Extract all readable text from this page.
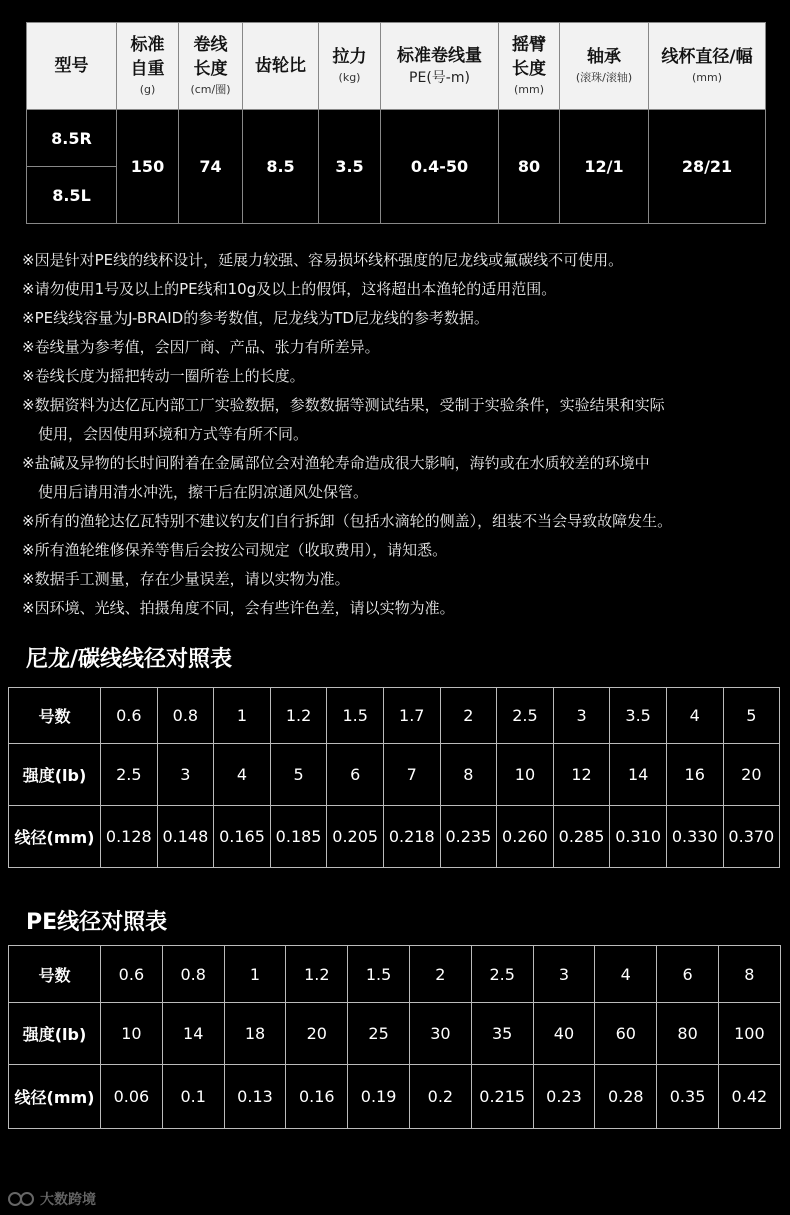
型号	标准
自重
(g)	卷线
长度
(cm/圈)	齿轮比	拉力
(kg)	标准卷线量
PE(号-m)	摇臂
长度
(mm)	轴承
(滚珠/滚轴)	线杯直径/幅
(mm)

8.5R	150	74	8.5	3.5	0.4-50	80	12/1	28/21
8.5L								
※因是针对PE线的线杯设计，延展力较强、容易损坏线杯强度的尼龙线或氟碳线不可使用。
※请勿使用1号及以上的PE线和10g及以上的假饵，这将超出本渔轮的适用范围。
※PE线线容量为J-BRAID的参考数值，尼龙线为TD尼龙线的参考数据。
※卷线量为参考值，会因厂商、产品、张力有所差异。
※卷线长度为摇把转动一圈所卷上的长度。
※数据资料为达亿瓦内部工厂实验数据，参数数据等测试结果，受制于实验条件，实验结果和实际
使用，会因使用环境和方式等有所不同。
※盐碱及异物的长时间附着在金属部位会对渔轮寿命造成很大影响，海钓或在水质较差的环境中
使用后请用清水冲洗，擦干后在阴凉通风处保管。
※所有的渔轮达亿瓦特别不建议钓友们自行拆卸（包括水滴轮的侧盖），组装不当会导致故障发生。
※所有渔轮维修保养等售后会按公司规定（收取费用），请知悉。
※数据手工测量，存在少量误差，请以实物为准。
※因环境、光线、拍摄角度不同，会有些许色差，请以实物为准。
尼龙/碳线线径对照表
号数	0.6	0.8	1	1.2	1.5	1.7	2	2.5	3	3.5	4	5
强度(lb)	2.5	3	4	5	6	7	8	10	12	14	16	20
线径(mm)	0.128	0.148	0.165	0.185	0.205	0.218	0.235	0.260	0.285	0.310	0.330	0.370
PE线径对照表
号数	0.6	0.8	1	1.2	1.5	2	2.5	3	4	6	8
强度(lb)	10	14	18	20	25	30	35	40	60	80	100
线径(mm)	0.06	0.1	0.13	0.16	0.19	0.2	0.215	0.23	0.28	0.35	0.42
大数跨境
